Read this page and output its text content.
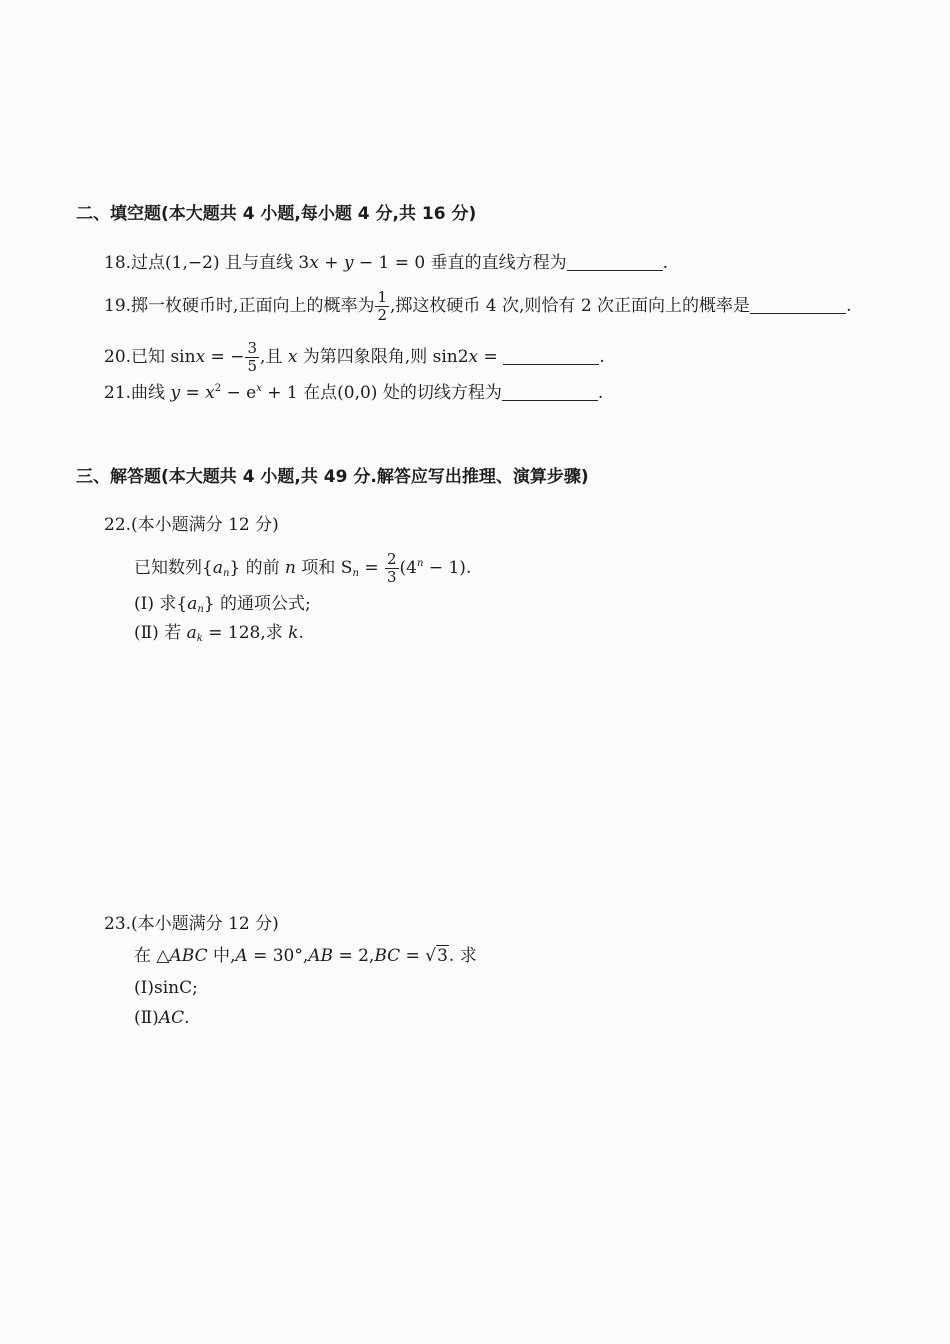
二、填空题(本大题共 4 小题,每小题 4 分,共 16 分)
18.过点(1,−2) 且与直线 3x + y − 1 = 0 垂直的直线方程为	.
19.掷一枚硬币时,正面向上的概率为 $\frac{1}{2}$ ,掷这枚硬币 4 次,则恰有 2 次正面向上的概率是	.
20.已知 sinx = − $\frac{3}{5}$ ,且 x 为第四象限角,则 sin2x =	.
21.曲线 $y = x^2 - e^x + 1$ 在点(0,0) 处的切线方程为	.
三、解答题(本大题共 4 小题,共 49 分.解答应写出推理、演算步骤)
22.(本小题满分 12 分)
已知数列$\{a_n\}$ 的前 n 项和 $S_n = \frac{2}{3} (4^n - 1)$.
(Ⅰ) 求$\{a_n\}$ 的通项公式;
(Ⅱ) 若 $a_k = 128$,求 k.
23.(本小题满分 12 分)
在 △ABC 中,A = 30°,AB = 2,BC = √3. 求
(Ⅰ)sinC;
(Ⅱ)AC.
